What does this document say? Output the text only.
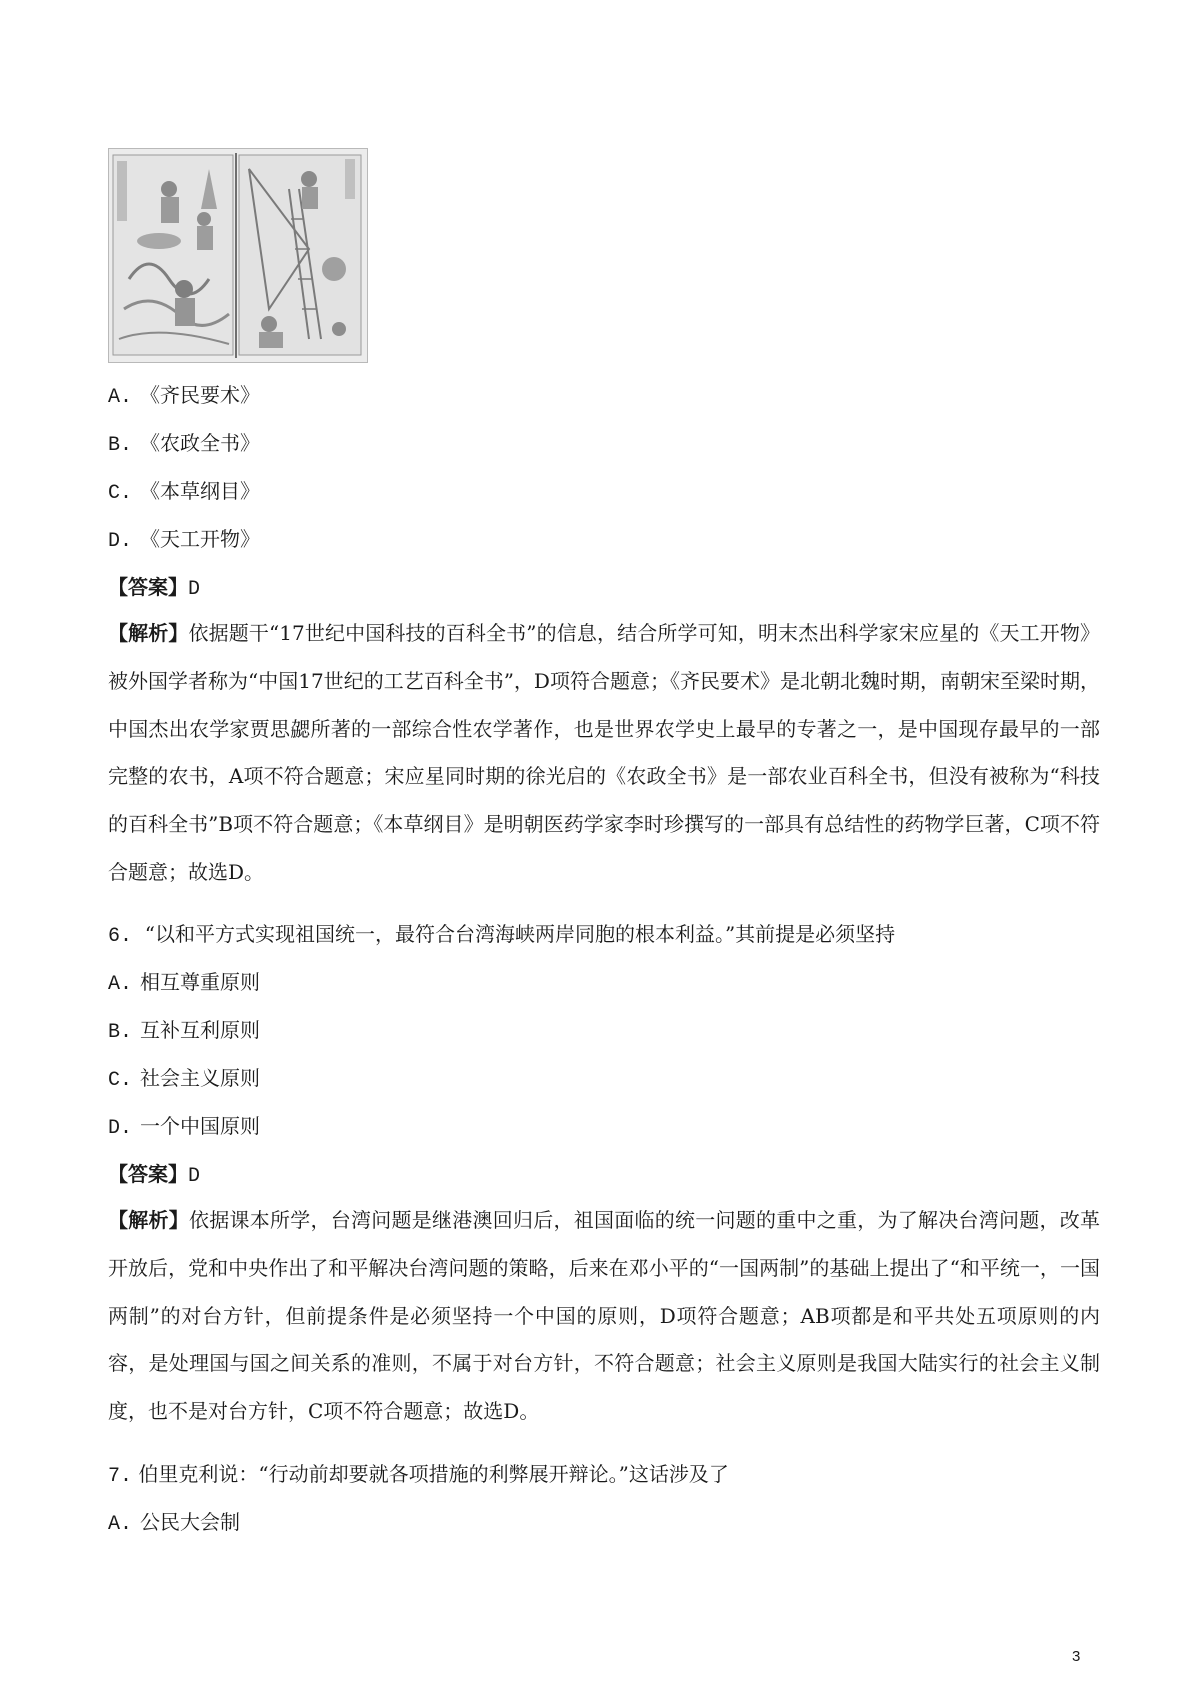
A. 《齐民要术》
B. 《农政全书》
C. 《本草纲目》
D. 《天工开物》
【答案】D
【解析】依据题干“17世纪中国科技的百科全书”的信息，结合所学可知，明末杰出科学家宋应星的《天工开物》被外国学者称为“中国17世纪的工艺百科全书”，D项符合题意；《齐民要术》是北朝北魏时期，南朝宋至梁时期，中国杰出农学家贾思勰所著的一部综合性农学著作，也是世界农学史上最早的专著之一，是中国现存最早的一部完整的农书，A项不符合题意；宋应星同时期的徐光启的《农政全书》是一部农业百科全书，但没有被称为“科技的百科全书”B项不符合题意；《本草纲目》是明朝医药学家李时珍撰写的一部具有总结性的药物学巨著，C项不符合题意；故选D。
6. “以和平方式实现祖国统一，最符合台湾海峡两岸同胞的根本利益。”其前提是必须坚持
A. 相互尊重原则
B. 互补互利原则
C. 社会主义原则
D. 一个中国原则
【答案】D
【解析】依据课本所学，台湾问题是继港澳回归后，祖国面临的统一问题的重中之重，为了解决台湾问题，改革开放后，党和中央作出了和平解决台湾问题的策略，后来在邓小平的“一国两制”的基础上提出了“和平统一，一国两制”的对台方针，但前提条件是必须坚持一个中国的原则，D项符合题意；AB项都是和平共处五项原则的内容，是处理国与国之间关系的准则，不属于对台方针，不符合题意；社会主义原则是我国大陆实行的社会主义制度，也不是对台方针，C项不符合题意；故选D。
7. 伯里克利说：“行动前却要就各项措施的利弊展开辩论。”这话涉及了
A. 公民大会制
3
